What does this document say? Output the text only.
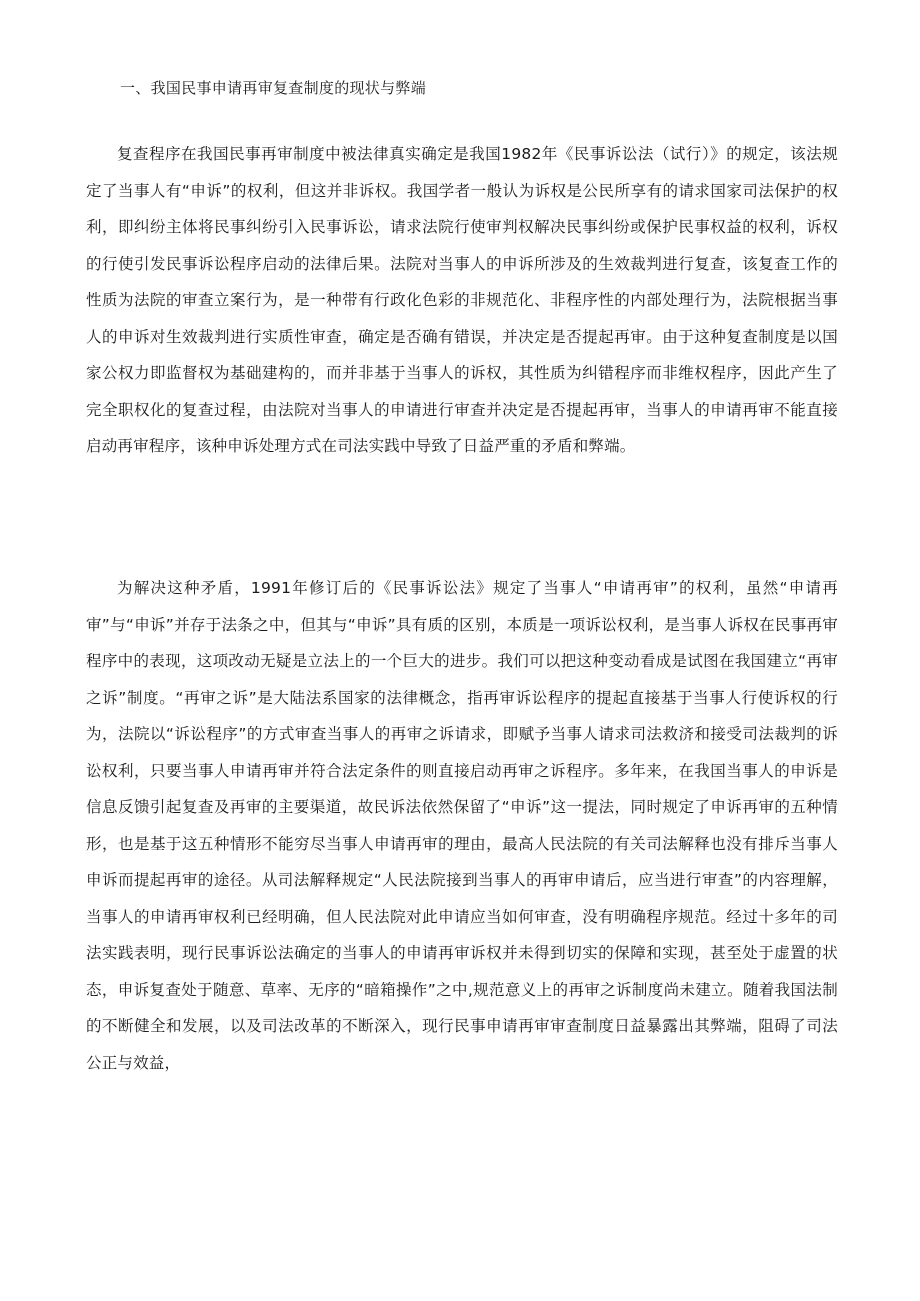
一、我国民事申请再审复查制度的现状与弊端

复查程序在我国民事再审制度中被法律真实确定是我国1982年《民事诉讼法（试行）》的规定，该法规定了当事人有“申诉”的权利，但这并非诉权。我国学者一般认为诉权是公民所享有的请求国家司法保护的权利，即纠纷主体将民事纠纷引入民事诉讼，请求法院行使审判权解决民事纠纷或保护民事权益的权利，诉权的行使引发民事诉讼程序启动的法律后果。法院对当事人的申诉所涉及的生效裁判进行复查，该复查工作的性质为法院的审查立案行为，是一种带有行政化色彩的非规范化、非程序性的内部处理行为，法院根据当事人的申诉对生效裁判进行实质性审查，确定是否确有错误，并决定是否提起再审。由于这种复查制度是以国家公权力即监督权为基础建构的，而并非基于当事人的诉权，其性质为纠错程序而非维权程序，因此产生了完全职权化的复查过程，由法院对当事人的申请进行审查并决定是否提起再审，当事人的申请再审不能直接启动再审程序，该种申诉处理方式在司法实践中导致了日益严重的矛盾和弊端。

为解决这种矛盾，1991年修订后的《民事诉讼法》规定了当事人“申请再审”的权利，虽然“申请再审”与“申诉”并存于法条之中，但其与“申诉”具有质的区别，本质是一项诉讼权利，是当事人诉权在民事再审程序中的表现，这项改动无疑是立法上的一个巨大的进步。我们可以把这种变动看成是试图在我国建立“再审之诉”制度。“再审之诉”是大陆法系国家的法律概念，指再审诉讼程序的提起直接基于当事人行使诉权的行为，法院以“诉讼程序”的方式审查当事人的再审之诉请求，即赋予当事人请求司法救济和接受司法裁判的诉讼权利，只要当事人申请再审并符合法定条件的则直接启动再审之诉程序。多年来，在我国当事人的申诉是信息反馈引起复查及再审的主要渠道，故民诉法依然保留了“申诉”这一提法，同时规定了申诉再审的五种情形，也是基于这五种情形不能穷尽当事人申请再审的理由，最高人民法院的有关司法解释也没有排斥当事人申诉而提起再审的途径。从司法解释规定“人民法院接到当事人的再审申请后，应当进行审查”的内容理解，当事人的申请再审权利已经明确，但人民法院对此申请应当如何审查，没有明确程序规范。经过十多年的司法实践表明，现行民事诉讼法确定的当事人的申请再审诉权并未得到切实的保障和实现，甚至处于虚置的状态，申诉复查处于随意、草率、无序的“暗箱操作”之中,规范意义上的再审之诉制度尚未建立。随着我国法制的不断健全和发展，以及司法改革的不断深入，现行民事申请再审审查制度日益暴露出其弊端，阻碍了司法公正与效益，
